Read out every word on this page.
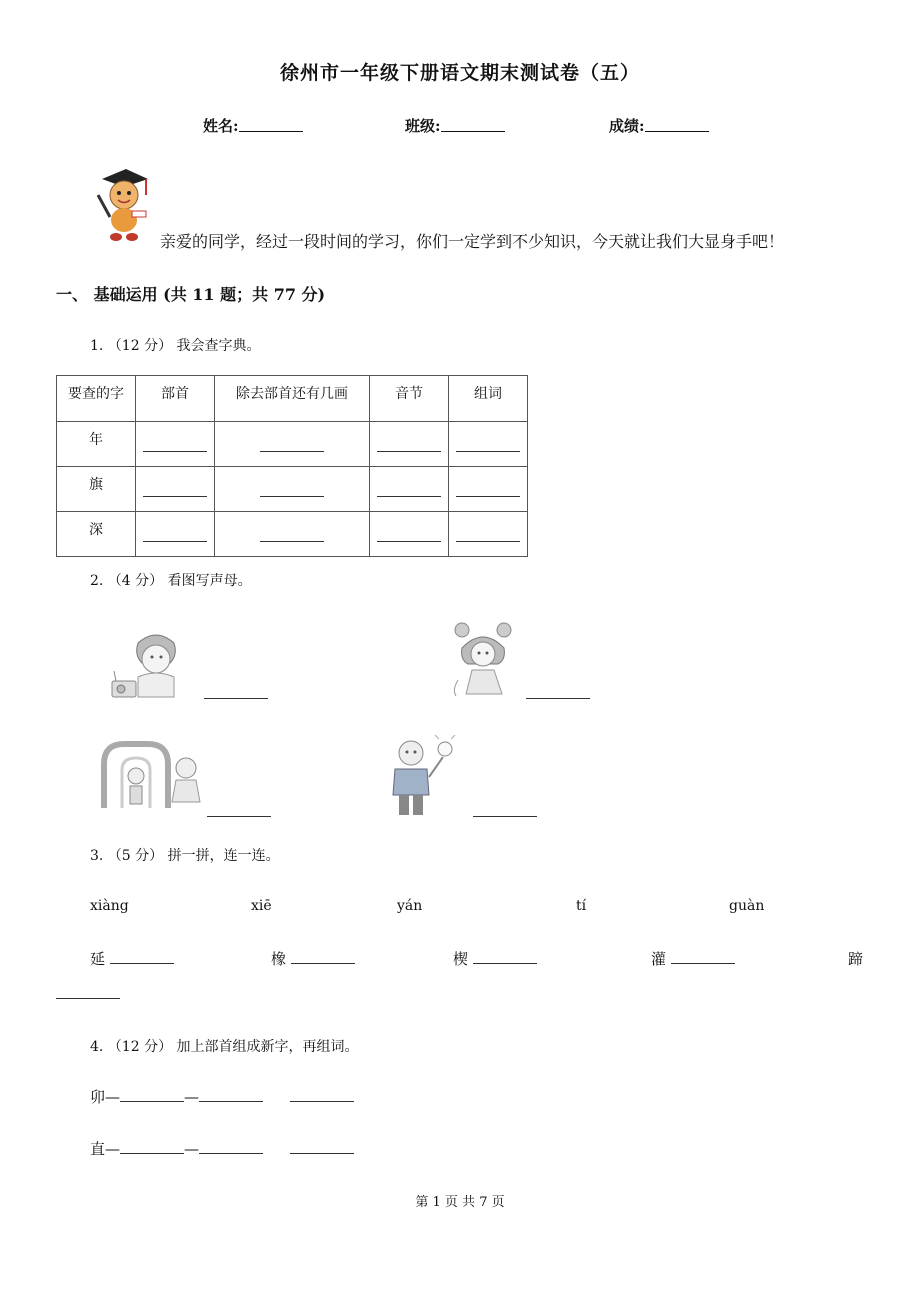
徐州市一年级下册语文期末测试卷（五）
姓名:	班级:	成绩:
亲爱的同学，经过一段时间的学习，你们一定学到不少知识，今天就让我们大显身手吧！
一、 基础运用 (共 11 题；共 77 分)
1. （12 分） 我会查字典。
要查的字	部首	除去部首还有几画	音节	组词
年				
旗				
深				
2. （4 分） 看图写声母。
3. （5 分） 拼一拼，连一连。
xiàng	xiē	yán	tí	guàn
延	橡	楔	灌	蹄
4. （12 分） 加上部首组成新字，再组词。
卯—	—
直—	—
第 1 页 共 7 页
